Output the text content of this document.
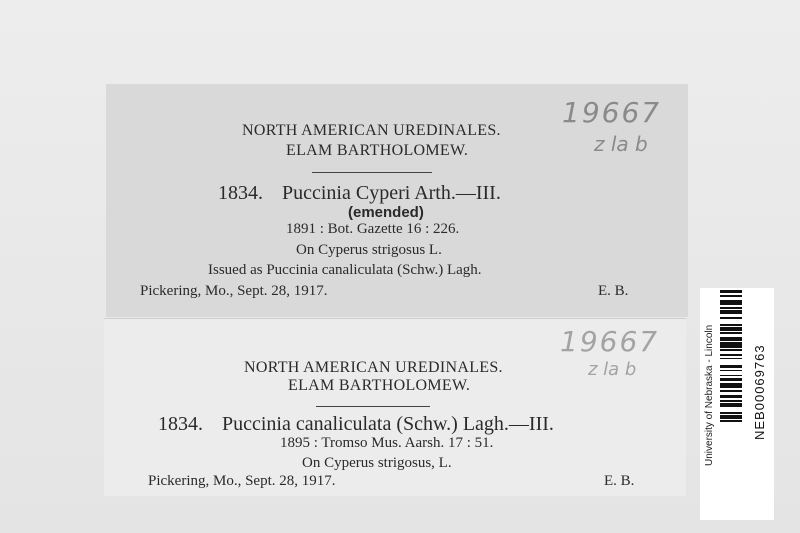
NORTH AMERICAN UREDINALES.
ELAM BARTHOLOMEW.
19667
z la b
1834. Puccinia Cyperi Arth.—III.
(emended)
1891 : Bot. Gazette 16 : 226.
On Cyperus strigosus L.
Issued as Puccinia canaliculata (Schw.) Lagh.
Pickering, Mo., Sept. 28, 1917.	E. B.
NORTH AMERICAN UREDINALES.
ELAM BARTHOLOMEW.
19667
z la b
1834. Puccinia canaliculata (Schw.) Lagh.—III.
1895 : Tromso Mus. Aarsh. 17 : 51.
On Cyperus strigosus, L.
Pickering, Mo., Sept. 28, 1917.	E. B.
University of Nebraska - Lincoln	NEB00069763
